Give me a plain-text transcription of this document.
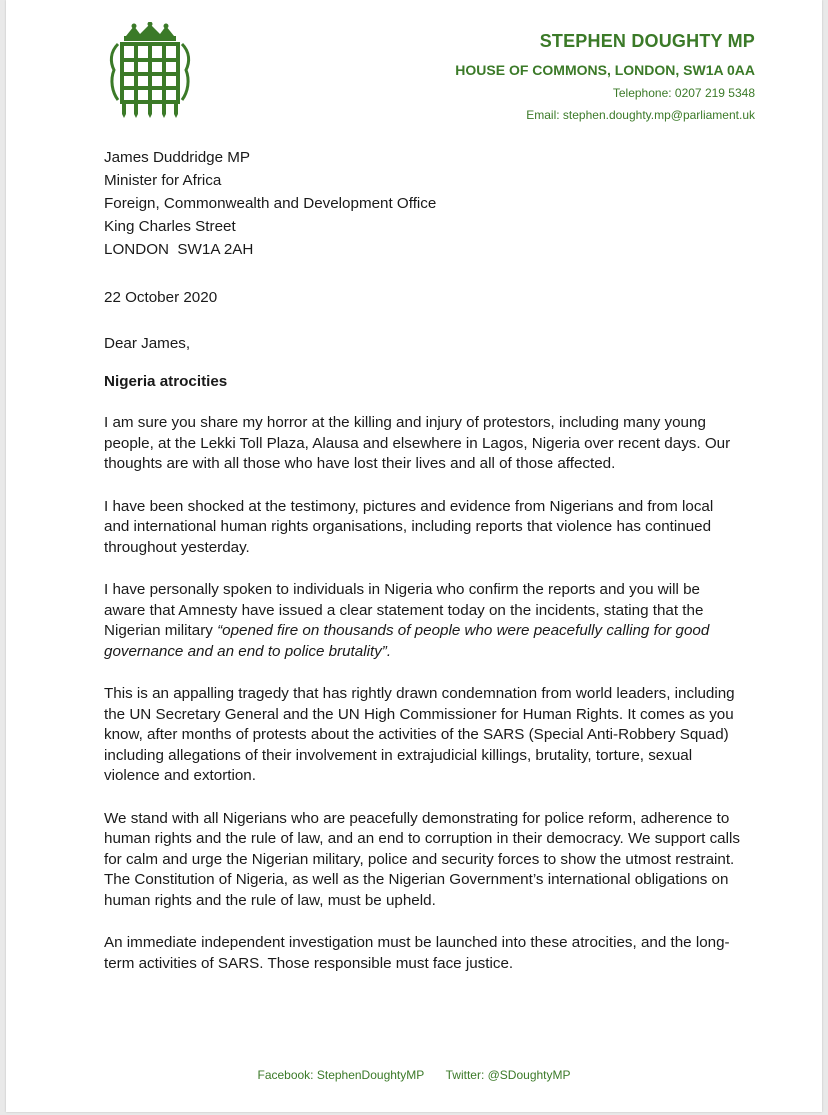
STEPHEN DOUGHTY MP
HOUSE OF COMMONS, LONDON, SW1A 0AA
Telephone: 0207 219 5348
Email: stephen.doughty.mp@parliament.uk
James Duddridge MP
Minister for Africa
Foreign, Commonwealth and Development Office
King Charles Street
LONDON  SW1A 2AH
22 October 2020
Dear James,
Nigeria atrocities

I am sure you share my horror at the killing and injury of protestors, including many young people, at the Lekki Toll Plaza, Alausa and elsewhere in Lagos, Nigeria over recent days. Our thoughts are with all those who have lost their lives and all of those affected.

I have been shocked at the testimony, pictures and evidence from Nigerians and from local and international human rights organisations, including reports that violence has continued throughout yesterday.

I have personally spoken to individuals in Nigeria who confirm the reports and you will be aware that Amnesty have issued a clear statement today on the incidents, stating that the Nigerian military “opened fire on thousands of people who were peacefully calling for good governance and an end to police brutality”.

This is an appalling tragedy that has rightly drawn condemnation from world leaders, including the UN Secretary General and the UN High Commissioner for Human Rights. It comes as you know, after months of protests about the activities of the SARS (Special Anti-Robbery Squad) including allegations of their involvement in extrajudicial killings, brutality, torture, sexual violence and extortion.

We stand with all Nigerians who are peacefully demonstrating for police reform, adherence to human rights and the rule of law, and an end to corruption in their democracy. We support calls for calm and urge the Nigerian military, police and security forces to show the utmost restraint. The Constitution of Nigeria, as well as the Nigerian Government’s international obligations on human rights and the rule of law, must be upheld.

An immediate independent investigation must be launched into these atrocities, and the long-term activities of SARS. Those responsible must face justice.

Facebook: StephenDoughtyMP Twitter: @SDoughtyMP
